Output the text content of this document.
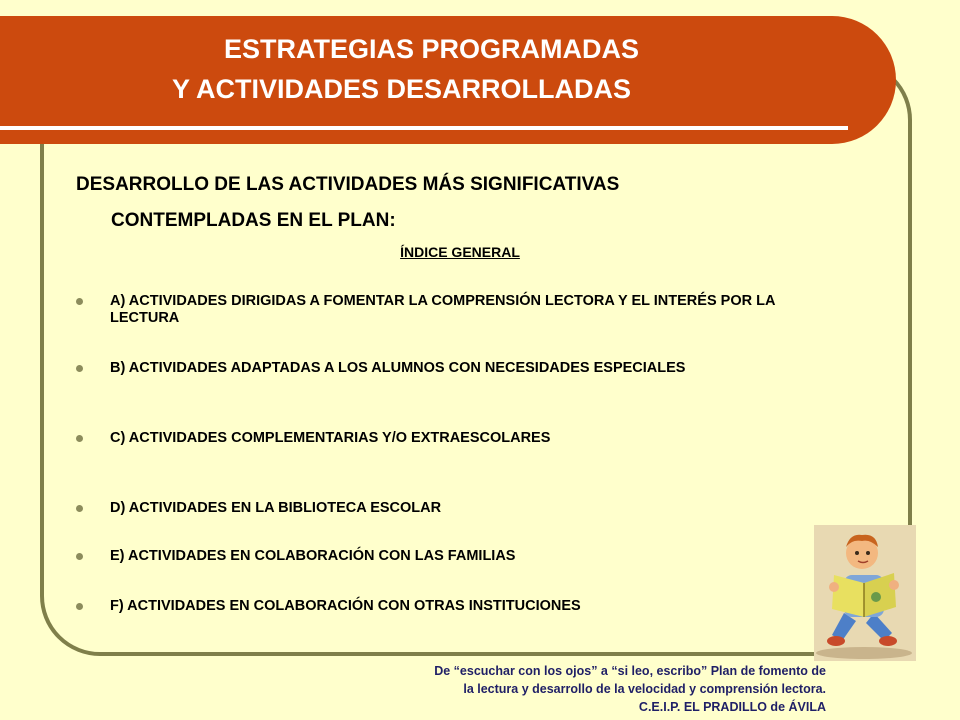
ESTRATEGIAS PROGRAMADAS
Y ACTIVIDADES DESARROLLADAS
DESARROLLO DE LAS ACTIVIDADES MÁS SIGNIFICATIVAS
CONTEMPLADAS EN EL PLAN:
ÍNDICE GENERAL
A) ACTIVIDADES DIRIGIDAS A FOMENTAR LA COMPRENSIÓN LECTORA Y EL INTERÉS POR LA LECTURA
B) ACTIVIDADES ADAPTADAS A LOS ALUMNOS CON NECESIDADES ESPECIALES
C) ACTIVIDADES COMPLEMENTARIAS Y/O EXTRAESCOLARES
D) ACTIVIDADES EN LA BIBLIOTECA ESCOLAR
E) ACTIVIDADES EN COLABORACIÓN CON LAS FAMILIAS
F) ACTIVIDADES EN COLABORACIÓN CON OTRAS INSTITUCIONES
De “escuchar con los ojos” a “si leo, escribo” Plan de fomento de
la lectura y desarrollo de la velocidad y comprensión lectora.
C.E.I.P. EL PRADILLO de ÁVILA
